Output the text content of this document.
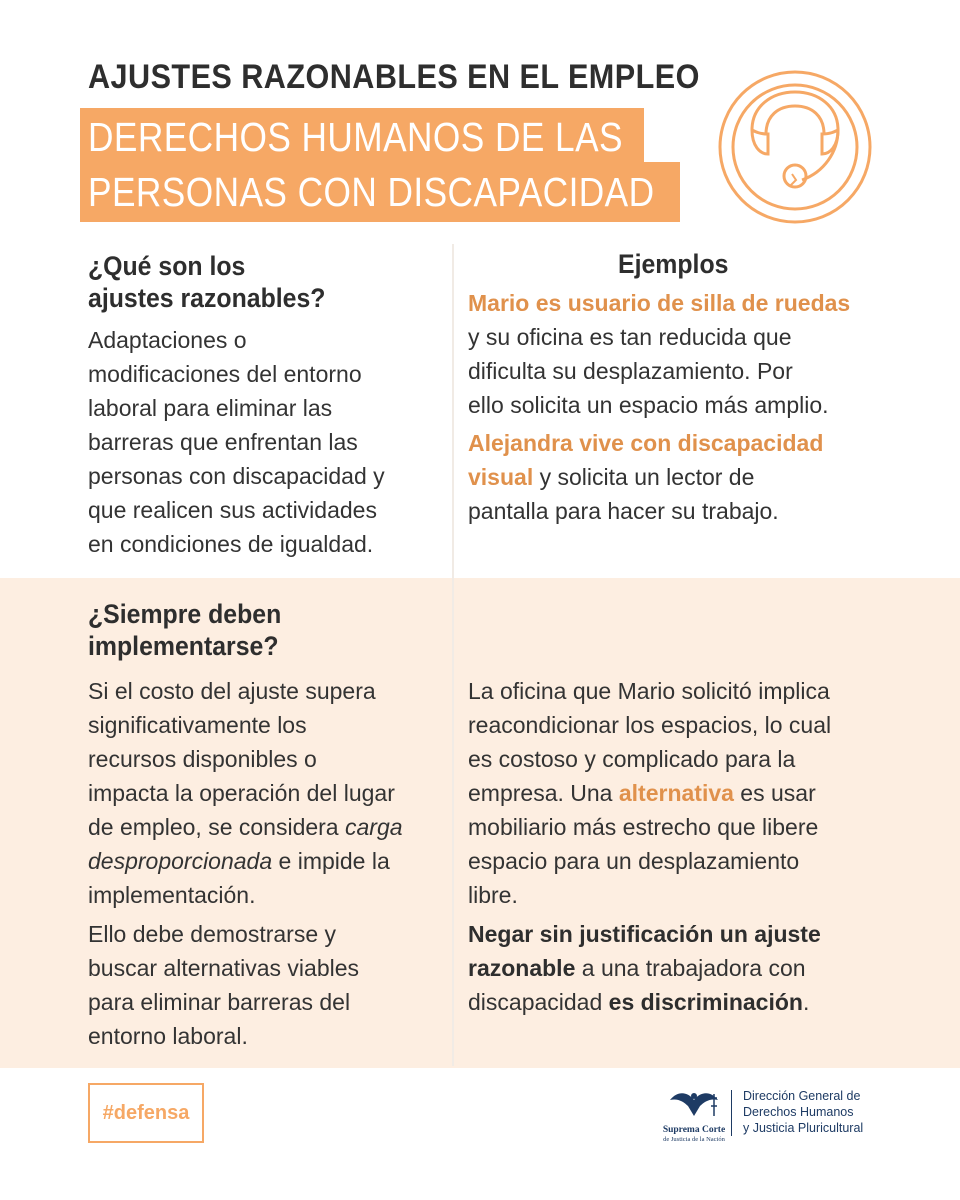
AJUSTES RAZONABLES EN EL EMPLEO
DERECHOS HUMANOS DE LAS
PERSONAS CON DISCAPACIDAD
¿Qué son los
ajustes razonables?
Adaptaciones o
modificaciones del entorno
laboral para eliminar las
barreras que enfrentan las
personas con discapacidad y
que realicen sus actividades
en condiciones de igualdad.
Ejemplos
Mario es usuario de silla de ruedas
y su oficina es tan reducida que
dificulta su desplazamiento. Por
ello solicita un espacio más amplio.
Alejandra vive con discapacidad
visual y solicita un lector de
pantalla para hacer su trabajo.
¿Siempre deben
implementarse?
Si el costo del ajuste supera
significativamente los
recursos disponibles o
impacta la operación del lugar
de empleo, se considera carga
desproporcionada e impide la
implementación.
Ello debe demostrarse y
buscar alternativas viables
para eliminar barreras del
entorno laboral.
La oficina que Mario solicitó implica
reacondicionar los espacios, lo cual
es costoso y complicado para la
empresa. Una alternativa es usar
mobiliario más estrecho que libere
espacio para un desplazamiento
libre.
Negar sin justificación un ajuste
razonable a una trabajadora con
discapacidad es discriminación.
#defensa
Suprema Corte
de Justicia de la Nación
Dirección General de
Derechos Humanos
y Justicia Pluricultural
